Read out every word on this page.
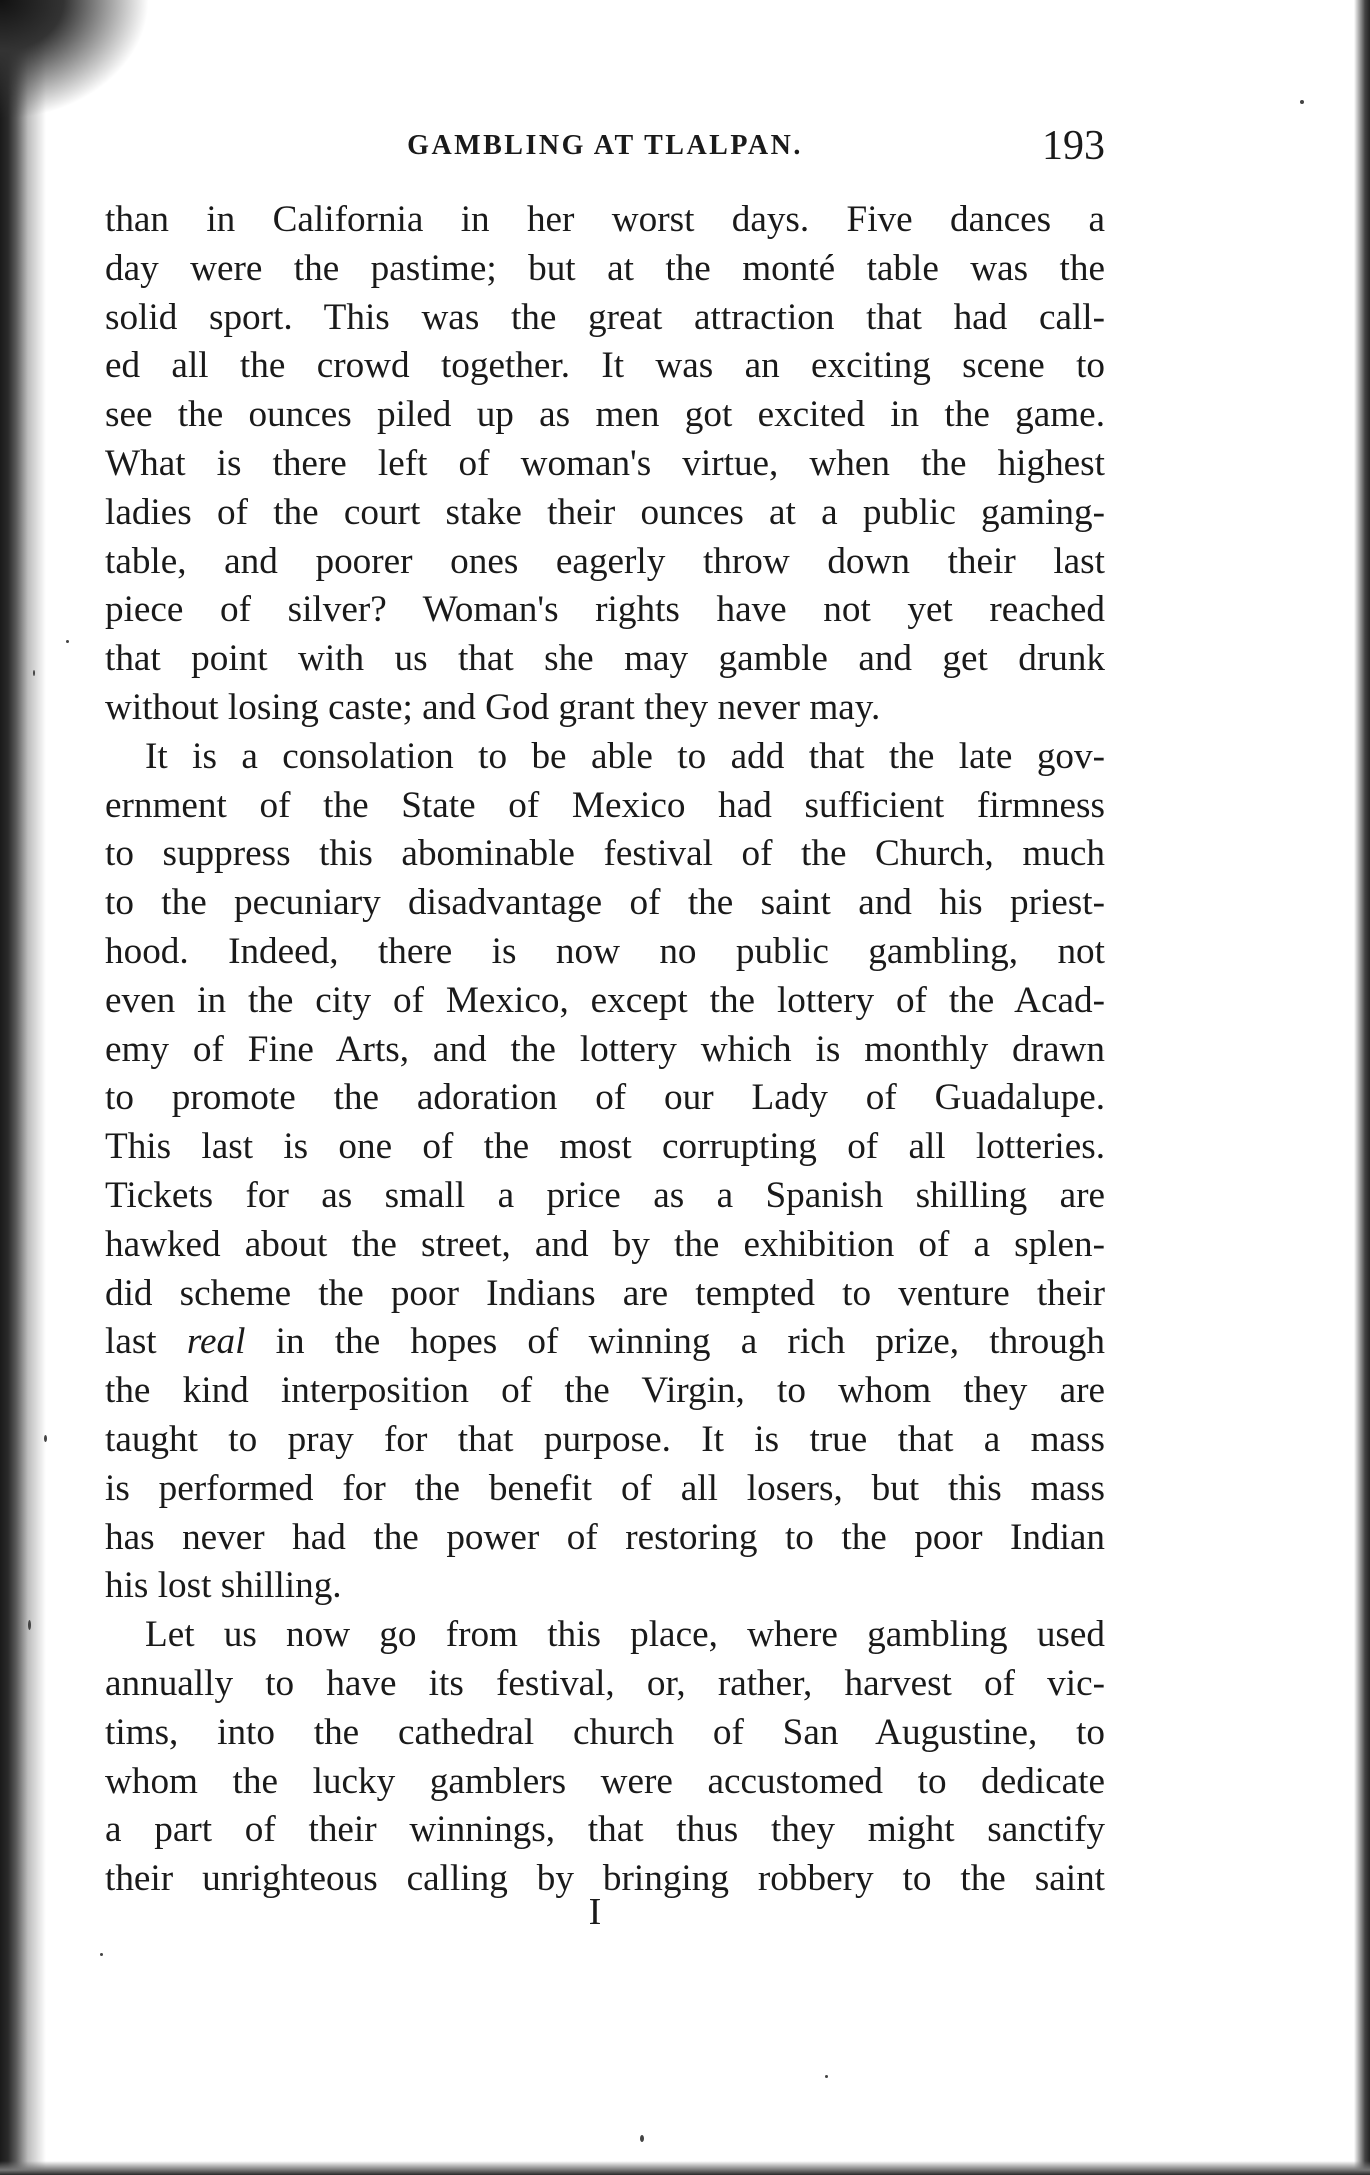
GAMBLING AT TLALPAN.	193

than in California in her worst days. Five dances a
day were the pastime; but at the monté table was the
solid sport. This was the great attraction that had call-
ed all the crowd together. It was an exciting scene to
see the ounces piled up as men got excited in the game.
What is there left of woman's virtue, when the highest
ladies of the court stake their ounces at a public gaming-
table, and poorer ones eagerly throw down their last
piece of silver? Woman's rights have not yet reached
that point with us that she may gamble and get drunk
without losing caste; and God grant they never may.

It is a consolation to be able to add that the late gov-
ernment of the State of Mexico had sufficient firmness
to suppress this abominable festival of the Church, much
to the pecuniary disadvantage of the saint and his priest-
hood. Indeed, there is now no public gambling, not
even in the city of Mexico, except the lottery of the Acad-
emy of Fine Arts, and the lottery which is monthly drawn
to promote the adoration of our Lady of Guadalupe.
This last is one of the most corrupting of all lotteries.
Tickets for as small a price as a Spanish shilling are
hawked about the street, and by the exhibition of a splen-
did scheme the poor Indians are tempted to venture their
last real in the hopes of winning a rich prize, through
the kind interposition of the Virgin, to whom they are
taught to pray for that purpose. It is true that a mass
is performed for the benefit of all losers, but this mass
has never had the power of restoring to the poor Indian
his lost shilling.

Let us now go from this place, where gambling used
annually to have its festival, or, rather, harvest of vic-
tims, into the cathedral church of San Augustine, to
whom the lucky gamblers were accustomed to dedicate
a part of their winnings, that thus they might sanctify
their unrighteous calling by bringing robbery to the saint

I
